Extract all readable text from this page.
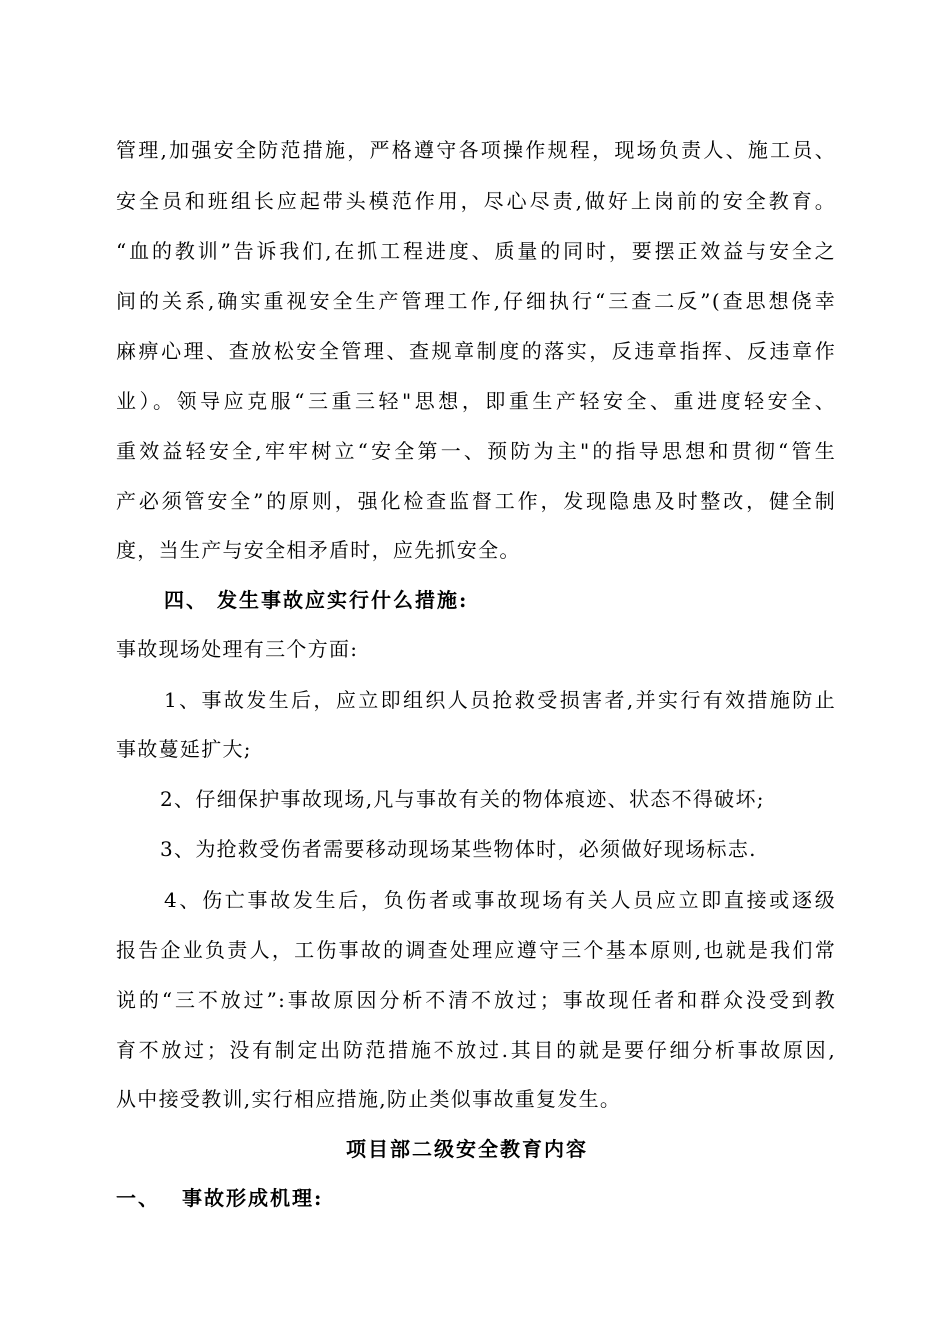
管理,加强安全防范措施，严格遵守各项操作规程，现场负责人、施工员、
安全员和班组长应起带头模范作用，尽心尽责,做好上岗前的安全教育。
“血的教训”告诉我们,在抓工程进度、质量的同时，要摆正效益与安全之
间的关系,确实重视安全生产管理工作,仔细执行“三查二反”(查思想侥幸
麻痹心理、查放松安全管理、查规章制度的落实，反违章指挥、反违章作
业）。领导应克服“三重三轻"思想，即重生产轻安全、重进度轻安全、
重效益轻安全,牢牢树立“安全第一、预防为主"的指导思想和贯彻“管生
产必须管安全”的原则，强化检查监督工作，发现隐患及时整改，健全制
度，当生产与安全相矛盾时，应先抓安全。
四、 发生事故应实行什么措施:
事故现场处理有三个方面:
1、事故发生后，应立即组织人员抢救受损害者,并实行有效措施防止
事故蔓延扩大;
2、仔细保护事故现场,凡与事故有关的物体痕迹、状态不得破坏;
3、为抢救受伤者需要移动现场某些物体时，必须做好现场标志.
4、伤亡事故发生后，负伤者或事故现场有关人员应立即直接或逐级
报告企业负责人，工伤事故的调查处理应遵守三个基本原则,也就是我们常
说的“三不放过”:事故原因分析不清不放过；事故现任者和群众没受到教
育不放过；没有制定出防范措施不放过.其目的就是要仔细分析事故原因,
从中接受教训,实行相应措施,防止类似事故重复发生。
项目部二级安全教育内容
一、 事故形成机理:
